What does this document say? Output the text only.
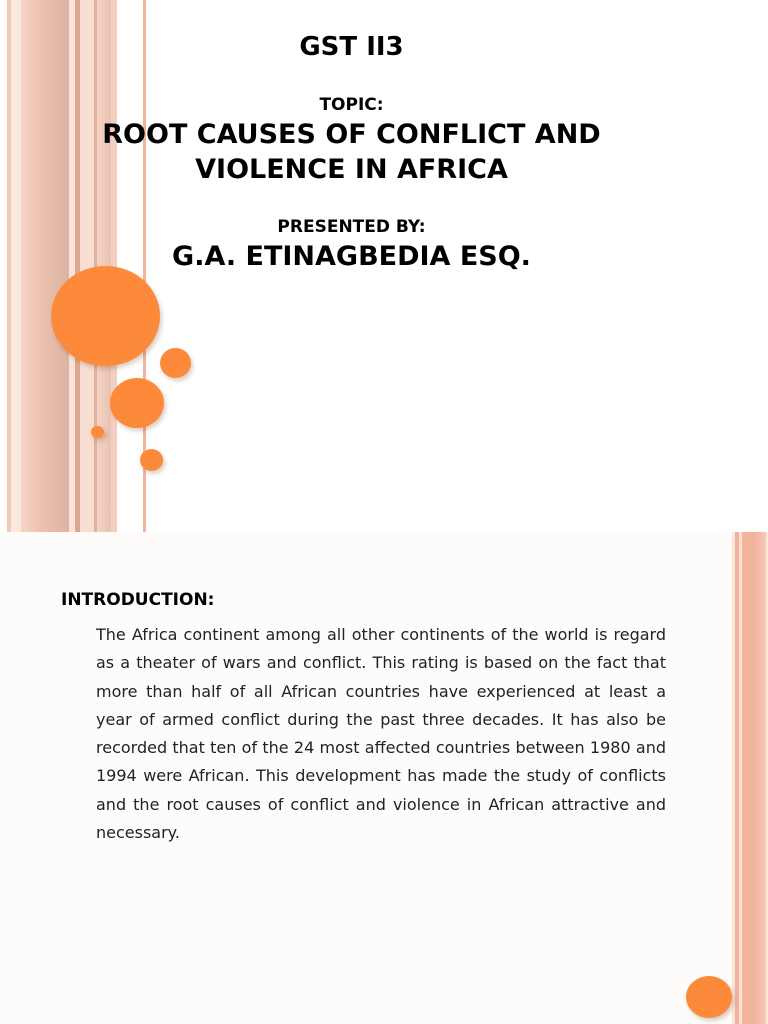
GST II3
TOPIC:
ROOT CAUSES OF CONFLICT AND
VIOLENCE IN AFRICA
PRESENTED BY:
G.A. ETINAGBEDIA ESQ.
INTRODUCTION:

The Africa continent among all other continents of the world is regard as a theater of wars and conflict. This rating is based on the fact that more than half of all African countries have experienced at least a year of armed conflict during the past three decades. It has also be recorded that ten of the 24 most affected countries between 1980 and 1994 were African. This development has made the study of conflicts and the root causes of conflict and violence in African attractive and necessary.
